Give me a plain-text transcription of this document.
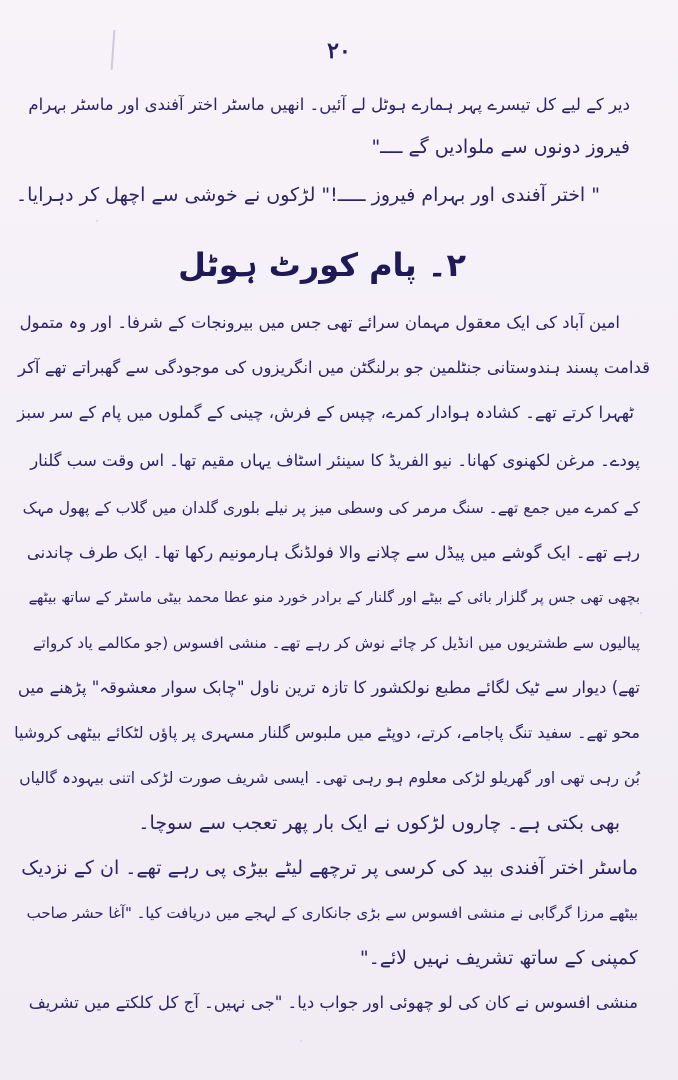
۲۰
دیر کے لیے کل تیسرے پہر ہمارے ہوٹل لے آئیں۔ انھیں ماسٹر اختر آفندی اور ماسٹر بہرام
فیروز دونوں سے ملوادیں گے ــــ"
" اختر آفندی اور بہرام فیروز ـــــ!" لڑکوں نے خوشی سے اچھل کر دہرایا۔
۲۔ پام کورٹ ہوٹل
امین آباد کی ایک معقول مہمان سرائے تھی جس میں بیرونجات کے شرفا۔ اور وہ متمول
قدامت پسند ہندوستانی جنٹلمین جو برلنگٹن میں انگریزوں کی موجودگی سے گھبراتے تھے آکر
ٹھہرا کرتے تھے۔ کشادہ ہوادار کمرے، چپس کے فرش، چینی کے گملوں میں پام کے سر سبز
پودے۔ مرغن لکھنوی کھانا۔ نیو الفریڈ کا سینئر اسٹاف یہاں مقیم تھا۔ اس وقت سب گلنار
کے کمرے میں جمع تھے۔ سنگ مرمر کی وسطی میز پر نیلے بلوری گلدان میں گلاب کے پھول مہک
رہے تھے۔ ایک گوشے میں پیڈل سے چلانے والا فولڈنگ ہارمونیم رکھا تھا۔ ایک طرف چاندنی
بچھی تھی جس پر گلزار بائی کے بیٹے اور گلنار کے برادر خورد منو عطا محمد بیٹی ماسٹر کے ساتھ بیٹھے
پیالیوں سے طشتریوں میں انڈیل کر چائے نوش کر رہے تھے۔ منشی افسوس (جو مکالمے یاد کرواتے
تھے) دیوار سے ٹیک لگائے مطبع نولکشور کا تازہ ترین ناول "چابک سوار معشوقہ" پڑھنے میں
محو تھے۔ سفید تنگ پاجامے، کرتے، دوپٹے میں ملبوس گلنار مسہری پر پاؤں لٹکائے بیٹھی کروشیا
بُن رہی تھی اور گھریلو لڑکی معلوم ہو رہی تھی۔ ایسی شریف صورت لڑکی اتنی بیہودہ گالیاں
بھی بکتی ہے۔ چاروں لڑکوں نے ایک بار پھر تعجب سے سوچا۔
ماسٹر اختر آفندی بید کی کرسی پر ترچھے لیٹے بیڑی پی رہے تھے۔ ان کے نزدیک
بیٹھے مرزا گرگابی نے منشی افسوس سے بڑی جانکاری کے لہجے میں دریافت کیا۔ "آغا حشر صاحب
کمپنی کے ساتھ تشریف نہیں لائے۔"
منشی افسوس نے کان کی لو چھوئی اور جواب دیا۔ "جی نہیں۔ آج کل کلکتے میں تشریف
